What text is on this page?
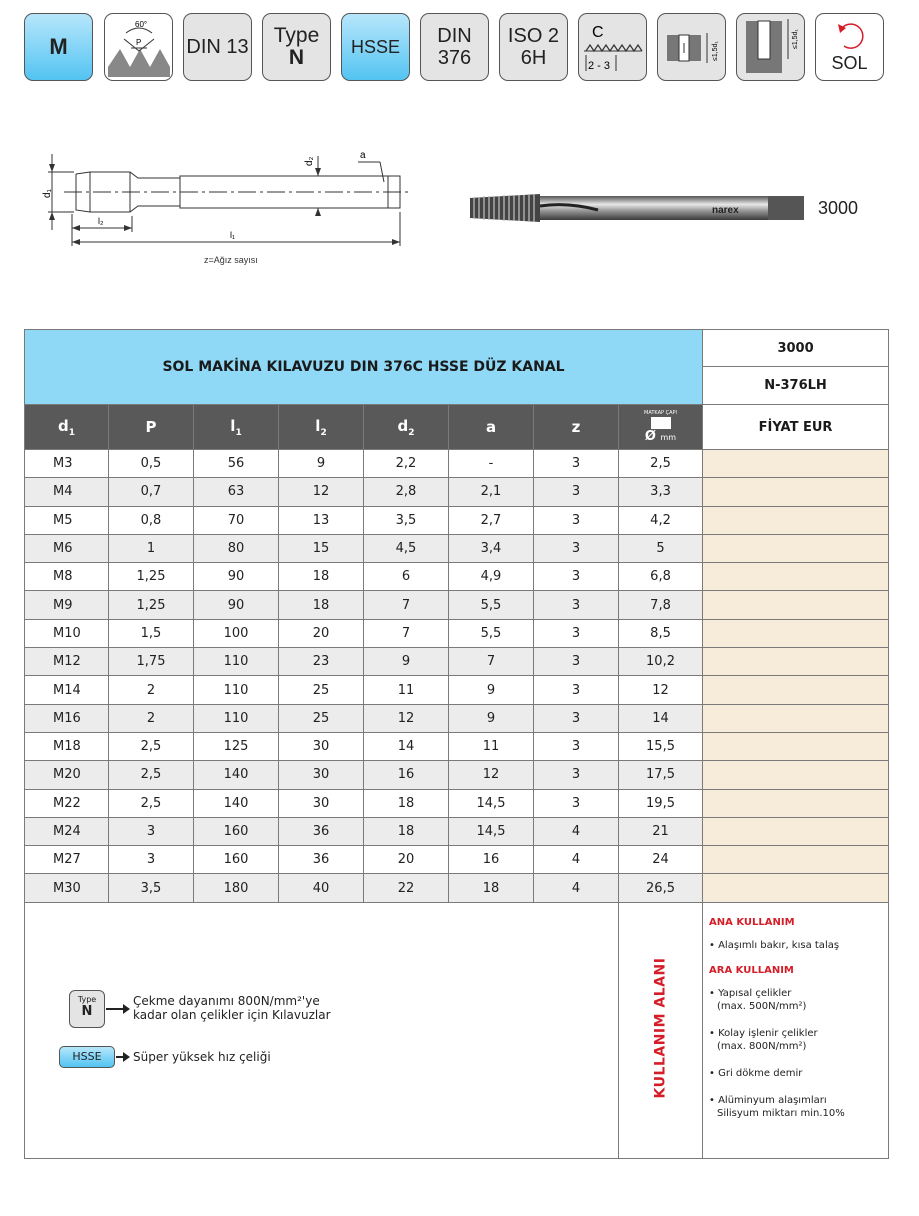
M
60°
P DIN 13 Type
N	HSSE DIN
376
ISO 2
6H
C
2 - 3
≤1,5d₁
≤1,5d₁
SOL
d₁
d₂
a
l₂
l₁
z=Ağız sayısı
narex	3000
SOL MAKİNA KILAVUZU DIN 376C HSSE DÜZ KANAL								3000
								N-376LH
$d_1$	P	$l_1$	$l_2$	$d_2$	a	z	MATKAP ÇAPI
Ø mm	FİYAT EUR
M3	0,5	56	9	2,2	-	3	2,5	
M4	0,7	63	12	2,8	2,1	3	3,3	
M5	0,8	70	13	3,5	2,7	3	4,2	
M6	1	80	15	4,5	3,4	3	5	
M8	1,25	90	18	6	4,9	3	6,8	
M9	1,25	90	18	7	5,5	3	7,8	
M10	1,5	100	20	7	5,5	3	8,5	
M12	1,75	110	23	9	7	3	10,2	
M14	2	110	25	11	9	3	12	
M16	2	110	25	12	9	3	14	
M18	2,5	125	30	14	11	3	15,5	
M20	2,5	140	30	16	12	3	17,5	
M22	2,5	140	30	18	14,5	3	19,5	
M24	3	160	36	18	14,5	4	21	
M27	3	160	36	20	16	4	24	
M30	3,5	180	40	22	18	4	26,5	

Type
N
Çekme dayanımı 800N/mm²'ye
kadar olan çelikler için Kılavuzlar
HSSE	Süper yüksek hız çeliği	KULLANIM ALANI
ANA KULLANIM
• Alaşımlı bakır, kısa talaş
ARA KULLANIM
• Yapısal çelikler
(max. 500N/mm²)
• Kolay işlenir çelikler
(max. 800N/mm²)
• Gri dökme demir
• Alüminyum alaşımları
Silisyum miktarı min.10%
